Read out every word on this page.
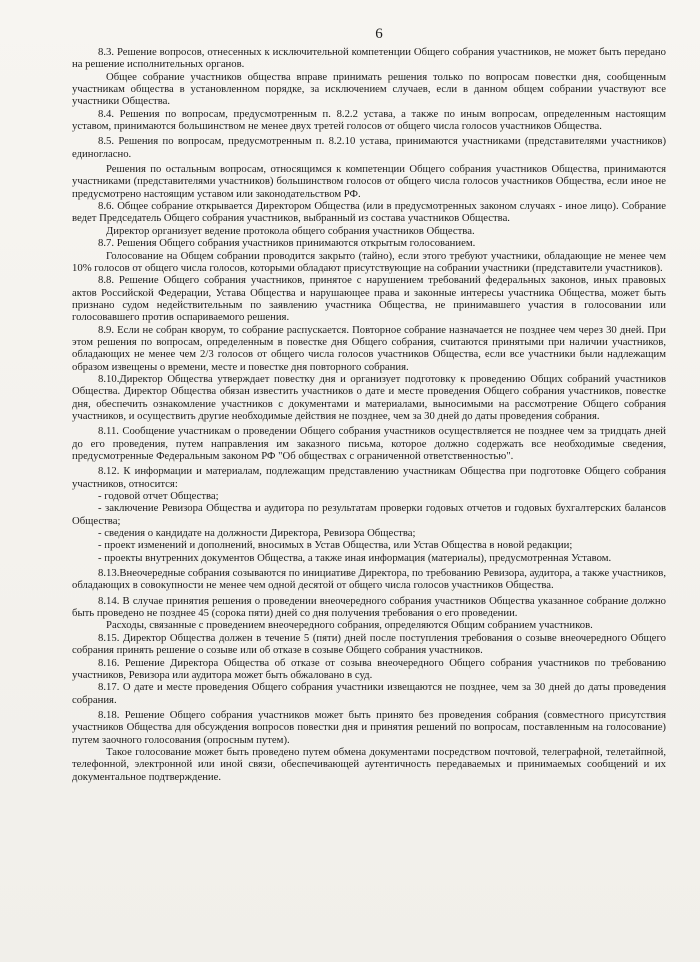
6

8.3. Решение вопросов, отнесенных к исключительной компетенции Общего собрания участников, не может быть передано на решение исполнительных органов.

Общее собрание участников общества вправе принимать решения только по вопросам повестки дня, сообщенным участникам общества в установленном порядке, за исключением случаев, если в данном общем собрании участвуют все участники Общества.

8.4. Решения по вопросам, предусмотренным п. 8.2.2 устава, а также по иным вопросам, определенным настоящим уставом, принимаются большинством не менее двух третей голосов от общего числа голосов участников Общества.

8.5. Решения по вопросам, предусмотренным п. 8.2.10 устава, принимаются участниками (представителями участников) единогласно.

Решения по остальным вопросам, относящимся к компетенции Общего собрания участников Общества, принимаются участниками (представителями участников) большинством голосов от общего числа голосов участников Общества, если иное не предусмотрено настоящим уставом или законодательством РФ.

8.6. Общее собрание открывается Директором Общества (или в предусмотренных законом случаях - иное лицо). Собрание ведет Председатель Общего собрания участников, выбранный из состава участников Общества.

Директор организует ведение протокола общего собрания участников Общества.

8.7. Решения Общего собрания участников принимаются открытым голосованием.

Голосование на Общем собрании проводится закрыто (тайно), если этого требуют участники, обладающие не менее чем 10% голосов от общего числа голосов, которыми обладают присутствующие на собрании участники (представители участников).

8.8. Решение Общего собрания участников, принятое с нарушением требований федеральных законов, иных правовых актов Российской Федерации, Устава Общества и нарушающее права и законные интересы участника Общества, может быть признано судом недействительным по заявлению участника Общества, не принимавшего участия в голосовании или голосовавшего против оспариваемого решения.

8.9. Если не собран кворум, то собрание распускается. Повторное собрание назначается не позднее чем через 30 дней. При этом решения по вопросам, определенным в повестке дня Общего собрания, считаются принятыми при наличии участников, обладающих не менее чем 2/3 голосов от общего числа голосов участников Общества, если все участники были надлежащим образом извещены о времени, месте и повестке дня повторного собрания.

8.10.Директор Общества утверждает повестку дня и организует подготовку к проведению Общих собраний участников Общества. Директор Общества обязан известить участников о дате и месте проведения Общего собрания участников, повестке дня, обеспечить ознакомление участников с документами и материалами, выносимыми на рассмотрение Общего собрания участников, и осуществить другие необходимые действия не позднее, чем за 30 дней до даты проведения собрания.

8.11. Сообщение участникам о проведении Общего собрания участников осуществляется не позднее чем за тридцать дней до его проведения, путем направления им заказного письма, которое должно содержать все необходимые сведения, предусмотренные Федеральным законом РФ "Об обществах с ограниченной ответственностью".

8.12. К информации и материалам, подлежащим представлению участникам Общества при подготовке Общего собрания участников, относится:

- годовой отчет Общества;

- заключение Ревизора Общества и аудитора по результатам проверки годовых отчетов и годовых бухгалтерских балансов Общества;

- сведения о кандидате на должности Директора, Ревизора Общества;

- проект изменений и дополнений, вносимых в Устав Общества, или Устав Общества в новой редакции;

- проекты внутренних документов Общества, а также иная информация (материалы), предусмотренная Уставом.

8.13.Внеочередные собрания созываются по инициативе Директора, по требованию Ревизора, аудитора, а также участников, обладающих в совокупности не менее чем одной десятой от общего числа голосов участников Общества.

8.14. В случае принятия решения о проведении внеочередного собрания участников Общества указанное собрание должно быть проведено не позднее 45 (сорока пяти) дней со дня получения требования о его проведении.

Расходы, связанные с проведением внеочередного собрания, определяются Общим собранием участников.

8.15. Директор Общества должен в течение 5 (пяти) дней после поступления требования о созыве внеочередного Общего собрания принять решение о созыве или об отказе в созыве Общего собрания участников.

8.16. Решение Директора Общества об отказе от созыва внеочередного Общего собрания участников по требованию участников, Ревизора или аудитора может быть обжаловано в суд.

8.17. О дате и месте проведения Общего собрания участники извещаются не позднее, чем за 30 дней до даты проведения собрания.

8.18. Решение Общего собрания участников может быть принято без проведения собрания (совместного присутствия участников Общества для обсуждения вопросов повестки дня и принятия решений по вопросам, поставленным на голосование) путем заочного голосования (опросным путем).

Такое голосование может быть проведено путем обмена документами посредством почтовой, телеграфной, телетайпной, телефонной, электронной или иной связи, обеспечивающей аутентичность передаваемых и принимаемых сообщений и их документальное подтверждение.
